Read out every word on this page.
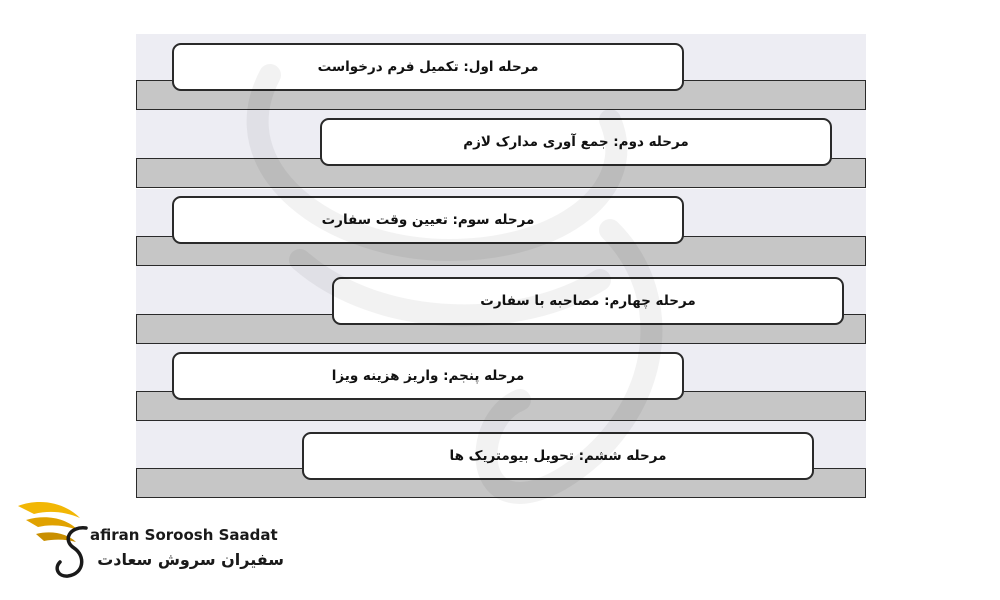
مرحله اول: تکمیل فرم درخواست
مرحله دوم: جمع آوری مدارک لازم
مرحله سوم: تعیین وقت سفارت
مرحله چهارم: مصاحبه با سفارت
مرحله پنجم: واریز هزینه ویزا
مرحله ششم: تحویل بیومتریک ها
afiran Soroosh Saadat
سفیران سروش سعادت
